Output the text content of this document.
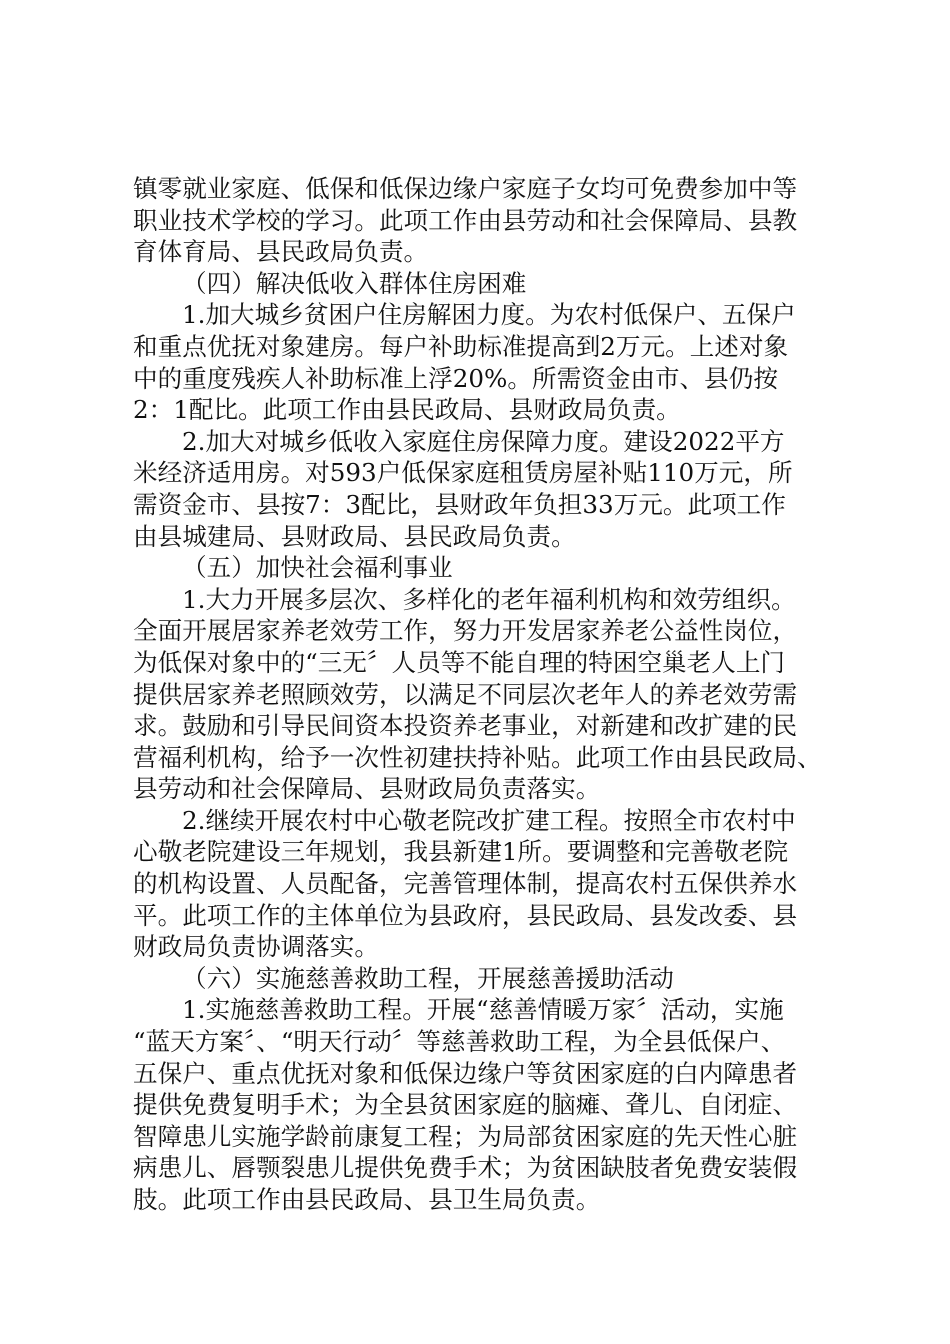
镇零就业家庭、低保和低保边缘户家庭子女均可免费参加中等
职业技术学校的学习。此项工作由县劳动和社会保障局、县教
育体育局、县民政局负责。
（四）解决低收入群体住房困难
1.加大城乡贫困户住房解困力度。为农村低保户、五保户
和重点优抚对象建房。每户补助标准提高到2万元。上述对象
中的重度残疾人补助标准上浮20%。所需资金由市、县仍按
2：1配比。此项工作由县民政局、县财政局负责。
2.加大对城乡低收入家庭住房保障力度。建设2022平方
米经济适用房。对593户低保家庭租赁房屋补贴110万元，所
需资金市、县按7：3配比，县财政年负担33万元。此项工作
由县城建局、县财政局、县民政局负责。
（五）加快社会福利事业
1.大力开展多层次、多样化的老年福利机构和效劳组织。
全面开展居家养老效劳工作，努力开发居家养老公益性岗位，
为低保对象中的“三无〞人员等不能自理的特困空巢老人上门
提供居家养老照顾效劳，以满足不同层次老年人的养老效劳需
求。鼓励和引导民间资本投资养老事业，对新建和改扩建的民
营福利机构，给予一次性初建扶持补贴。此项工作由县民政局、
县劳动和社会保障局、县财政局负责落实。
2.继续开展农村中心敬老院改扩建工程。按照全市农村中
心敬老院建设三年规划，我县新建1所。要调整和完善敬老院
的机构设置、人员配备，完善管理体制，提高农村五保供养水
平。此项工作的主体单位为县政府，县民政局、县发改委、县
财政局负责协调落实。
（六）实施慈善救助工程，开展慈善援助活动
1.实施慈善救助工程。开展“慈善情暖万家〞活动，实施
“蓝天方案〞、“明天行动〞等慈善救助工程，为全县低保户、
五保户、重点优抚对象和低保边缘户等贫困家庭的白内障患者
提供免费复明手术；为全县贫困家庭的脑瘫、聋儿、自闭症、
智障患儿实施学龄前康复工程；为局部贫困家庭的先天性心脏
病患儿、唇颚裂患儿提供免费手术；为贫困缺肢者免费安装假
肢。此项工作由县民政局、县卫生局负责。
